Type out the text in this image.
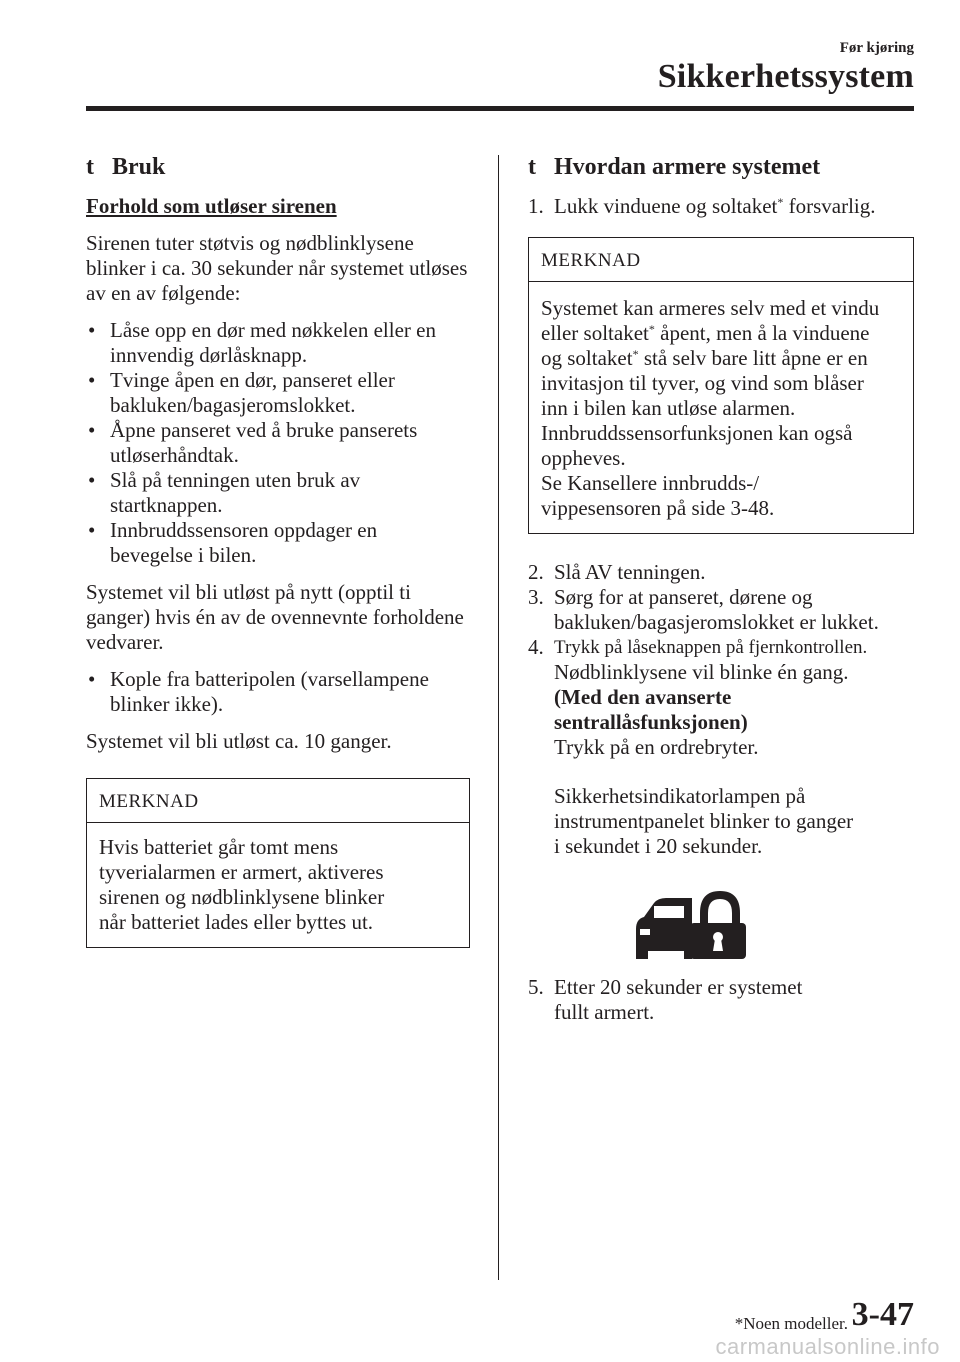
Før kjøring
Sikkerhetssystem
t Bruk
Forhold som utløser sirenen

Sirenen tuter støtvis og nødblinklysene blinker i ca. 30 sekunder når systemet utløses av en av følgende:

• Låse opp en dør med nøkkelen eller en
innvendig dørlåsknapp.
• Tvinge åpen en dør, panseret eller
bakluken/bagasjeromslokket.
• Åpne panseret ved å bruke panserets
utløserhåndtak.
• Slå på tenningen uten bruk av
startknappen.
• Innbruddssensoren oppdager en
bevegelse i bilen.

Systemet vil bli utløst på nytt (opptil ti ganger) hvis én av de ovennevnte forholdene vedvarer.

• Kople fra batteripolen (varsellampene
blinker ikke).

Systemet vil bli utløst ca. 10 ganger.

MERKNAD
Hvis batteriet går tomt mens
tyverialarmen er armert, aktiveres
sirenen og nødblinklysene blinker
når batteriet lades eller byttes ut.
t Hvordan armere systemet
1. Lukk vinduene og soltaket* forsvarlig.
MERKNAD
Systemet kan armeres selv med et vindu
eller soltaket* åpent, men å la vinduene
og soltaket* stå selv bare litt åpne er en
invitasjon til tyver, og vind som blåser
inn i bilen kan utløse alarmen.
Innbruddssensorfunksjonen kan også
oppheves.
Se Kansellere innbrudds-/
vippesensoren på side 3-48.
2. Slå AV tenningen.
3. Sørg for at panseret, dørene og
bakluken/bagasjeromslokket er lukket.
4. Trykk på låseknappen på fjernkontrollen.
Nødblinklysene vil blinke én gang.
(Med den avanserte
sentrallåsfunksjonen)
Trykk på en ordrebryter.
Sikkerhetsindikatorlampen på
instrumentpanelet blinker to ganger
i sekundet i 20 sekunder.
5. Etter 20 sekunder er systemet
fullt armert.
*Noen modeller. 3-47
carmanualsonline.info
